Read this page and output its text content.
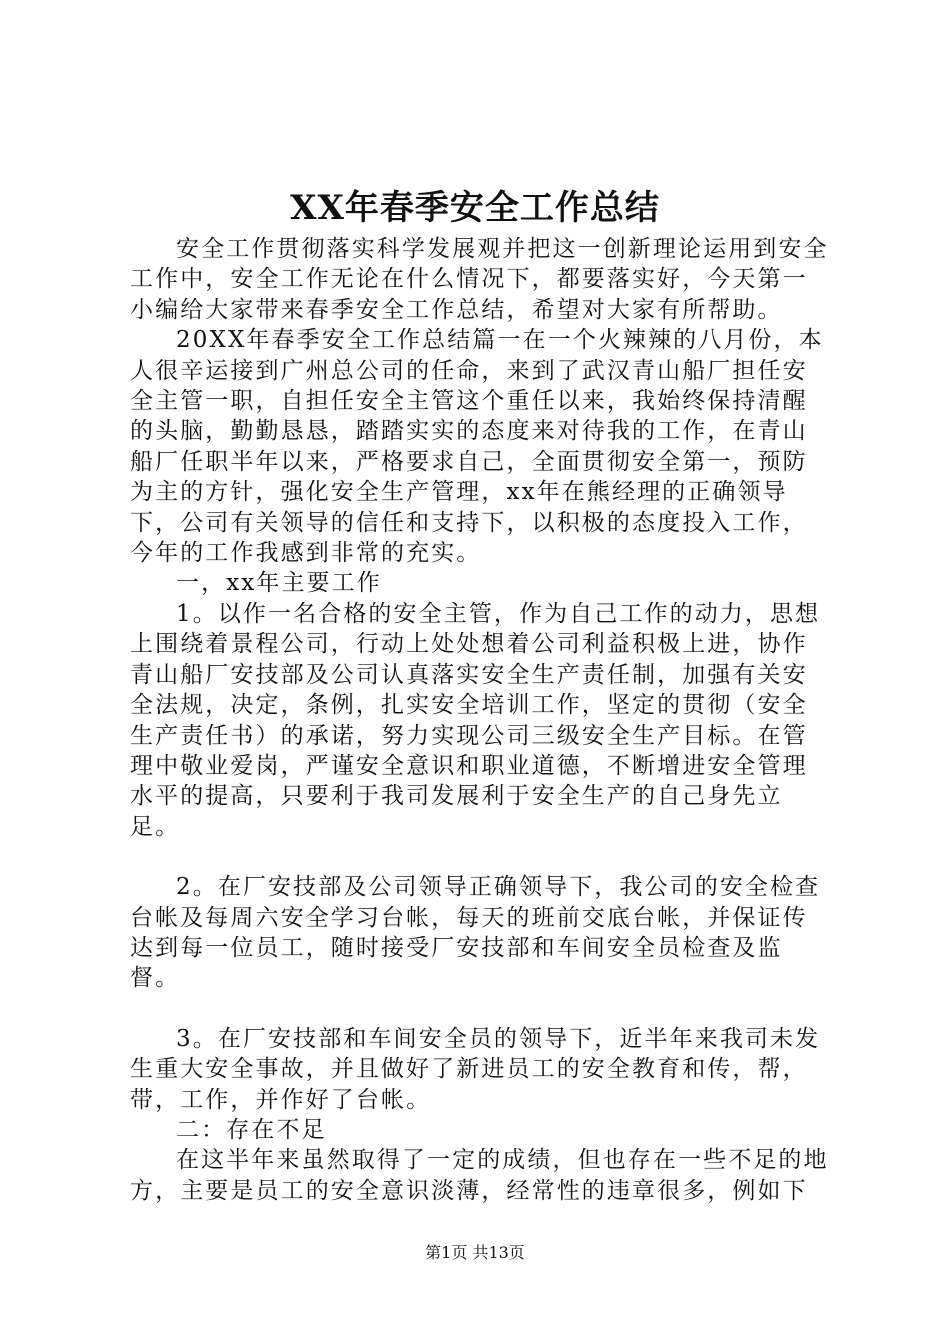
XX年春季安全工作总结

安全工作贯彻落实科学发展观并把这一创新理论运用到安全工作中，安全工作无论在什么情况下，都要落实好，今天第一小编给大家带来春季安全工作总结，希望对大家有所帮助。

20XX年春季安全工作总结篇一在一个火辣辣的八月份，本人很辛运接到广州总公司的任命，来到了武汉青山船厂担任安全主管一职，自担任安全主管这个重任以来，我始终保持清醒的头脑，勤勤恳恳，踏踏实实的态度来对待我的工作，在青山船厂任职半年以来，严格要求自己，全面贯彻安全第一，预防为主的方针，强化安全生产管理，xx年在熊经理的正确领导下，公司有关领导的信任和支持下，以积极的态度投入工作，今年的工作我感到非常的充实。

一，xx年主要工作

1。以作一名合格的安全主管，作为自己工作的动力，思想上围绕着景程公司，行动上处处想着公司利益积极上进，协作青山船厂安技部及公司认真落实安全生产责任制，加强有关安全法规，决定，条例，扎实安全培训工作，坚定的贯彻（安全生产责任书）的承诺，努力实现公司三级安全生产目标。在管理中敬业爱岗，严谨安全意识和职业道德，不断增进安全管理水平的提高，只要利于我司发展利于安全生产的自己身先立足。

2。在厂安技部及公司领导正确领导下，我公司的安全检查台帐及每周六安全学习台帐，每天的班前交底台帐，并保证传达到每一位员工，随时接受厂安技部和车间安全员检查及监督。

3。在厂安技部和车间安全员的领导下，近半年来我司未发生重大安全事故，并且做好了新进员工的安全教育和传，帮，带，工作，并作好了台帐。

二：存在不足

在这半年来虽然取得了一定的成绩，但也存在一些不足的地方，主要是员工的安全意识淡薄，经常性的违章很多，例如下

第1页 共13页
